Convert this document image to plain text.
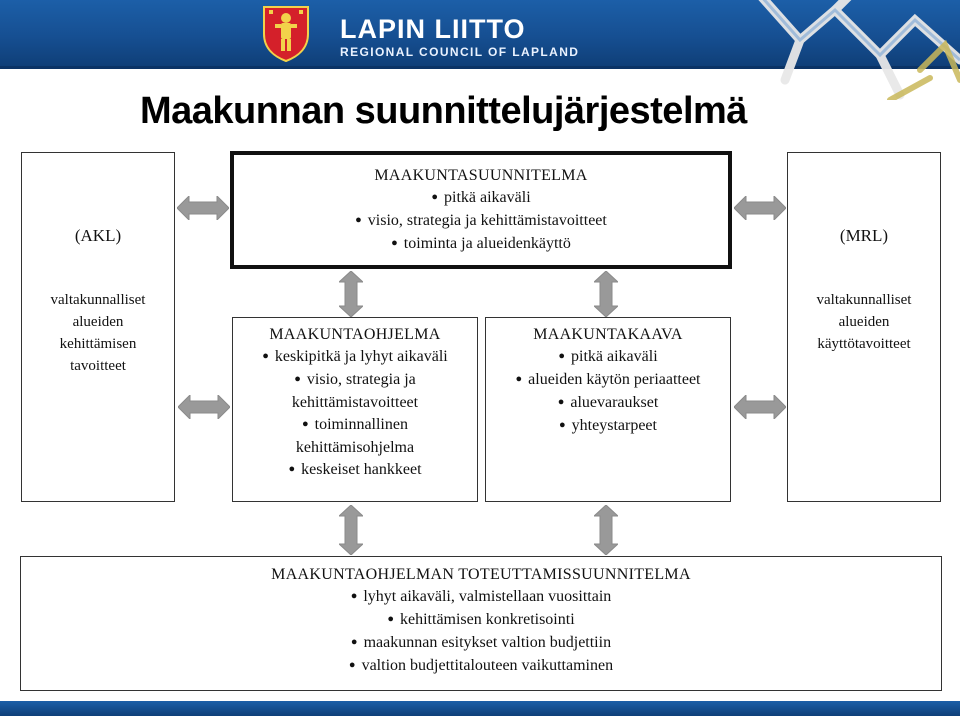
LAPIN LIITTO
REGIONAL COUNCIL OF LAPLAND
Maakunnan suunnittelujärjestelmä
(AKL)
valtakunnalliset
alueiden
kehittämisen
tavoitteet
(MRL)
valtakunnalliset
alueiden
käyttötavoitteet
MAAKUNTASUUNNITELMA
● pitkä aikaväli
● visio, strategia ja kehittämistavoitteet
● toiminta ja alueidenkäyttö
MAAKUNTAOHJELMA
● keskipitkä ja lyhyt aikaväli
● visio, strategia ja kehittämistavoitteet
● toiminnallinen kehittämisohjelma
● keskeiset hankkeet
MAAKUNTAKAAVA
● pitkä aikaväli
● alueiden käytön periaatteet
● aluevaraukset
● yhteystarpeet
MAAKUNTAOHJELMAN TOTEUTTAMISSUUNNITELMA
● lyhyt aikaväli, valmistellaan vuosittain
● kehittämisen konkretisointi
● maakunnan esitykset valtion budjettiin
● valtion budjettitalouteen vaikuttaminen
